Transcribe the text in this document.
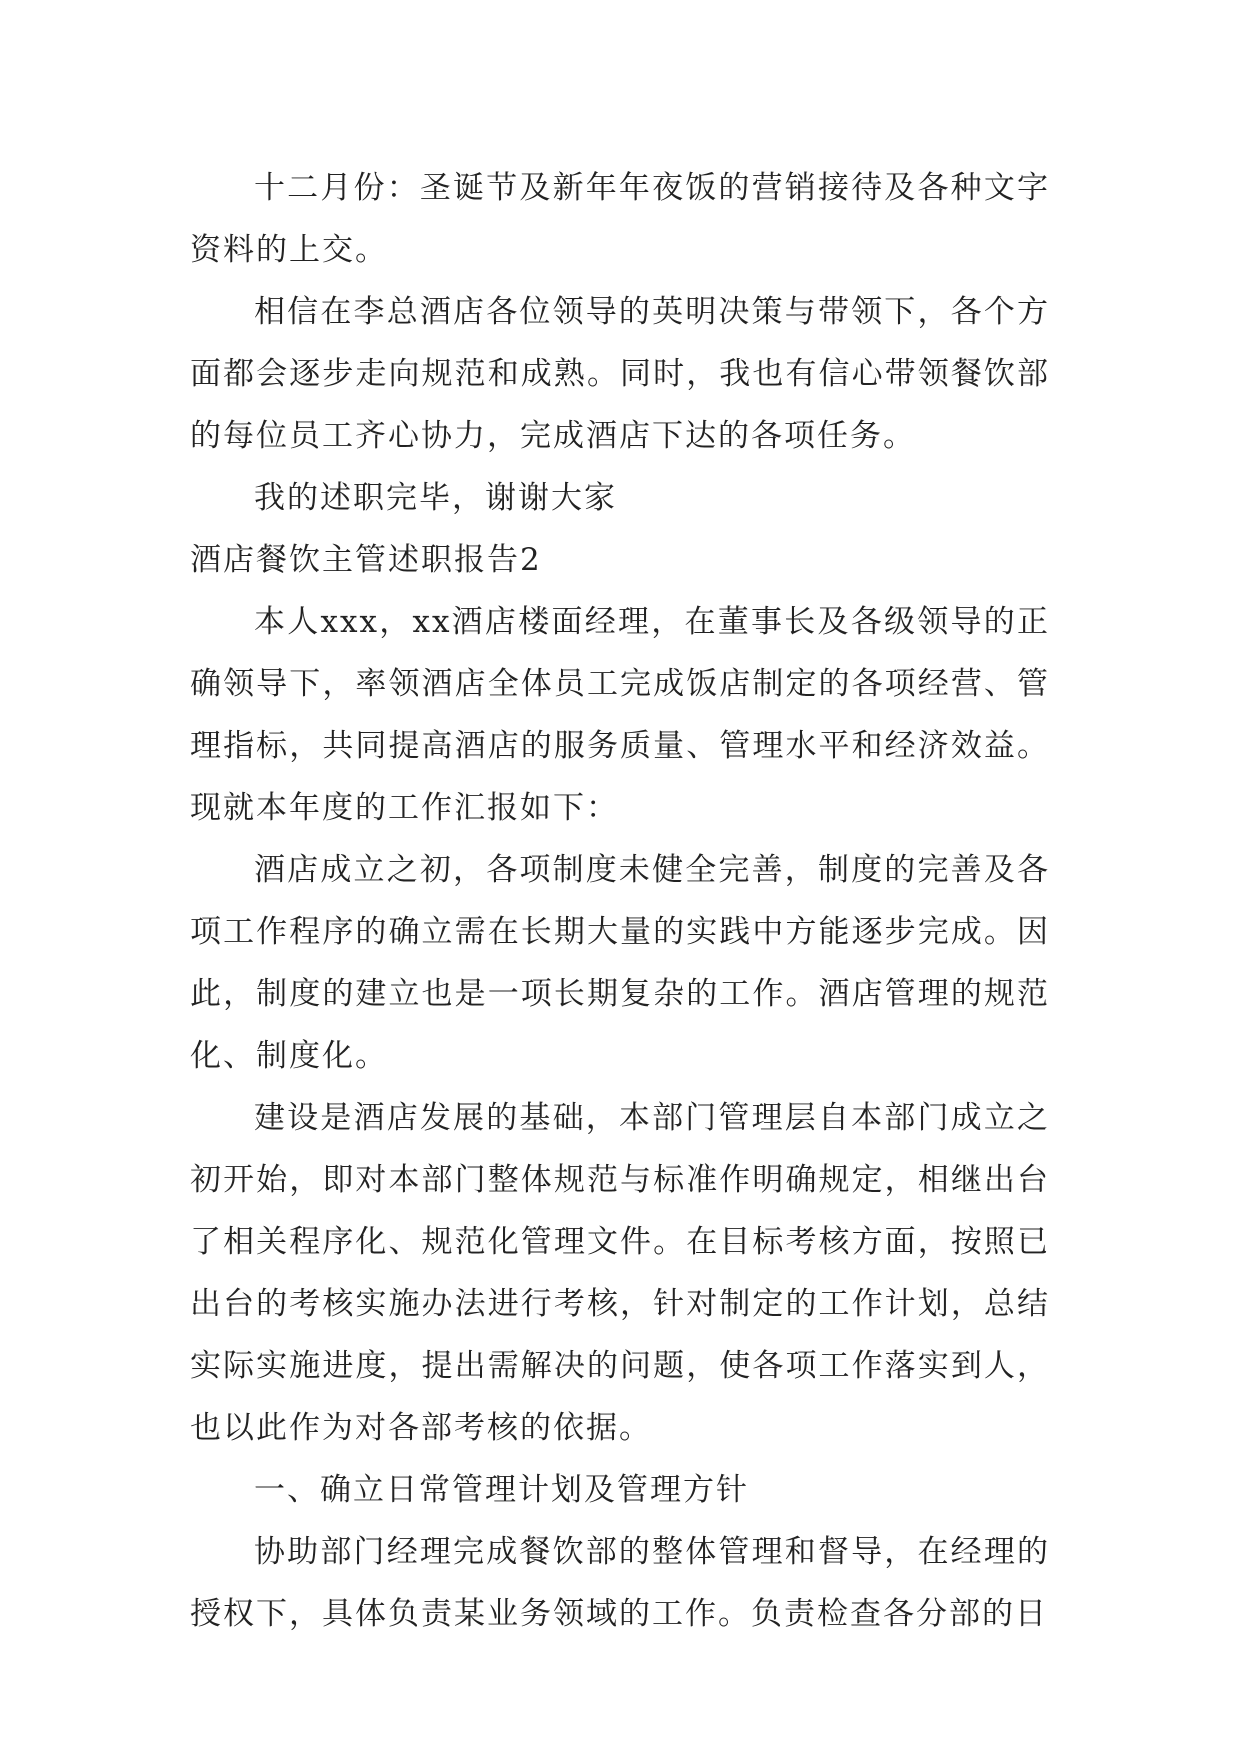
十二月份：圣诞节及新年年夜饭的营销接待及各种文字资料的上交。

相信在李总酒店各位领导的英明决策与带领下，各个方面都会逐步走向规范和成熟。同时，我也有信心带领餐饮部的每位员工齐心协力，完成酒店下达的各项任务。

我的述职完毕，谢谢大家

酒店餐饮主管述职报告2

本人xxx，xx酒店楼面经理，在董事长及各级领导的正确领导下，率领酒店全体员工完成饭店制定的各项经营、管理指标，共同提高酒店的服务质量、管理水平和经济效益。现就本年度的工作汇报如下：

酒店成立之初，各项制度未健全完善，制度的完善及各项工作程序的确立需在长期大量的实践中方能逐步完成。因此，制度的建立也是一项长期复杂的工作。酒店管理的规范化、制度化。

建设是酒店发展的基础，本部门管理层自本部门成立之初开始，即对本部门整体规范与标准作明确规定，相继出台了相关程序化、规范化管理文件。在目标考核方面，按照已出台的考核实施办法进行考核，针对制定的工作计划，总结实际实施进度，提出需解决的问题，使各项工作落实到人，也以此作为对各部考核的依据。

一、确立日常管理计划及管理方针

协助部门经理完成餐饮部的整体管理和督导，在经理的授权下，具体负责某业务领域的工作。负责检查各分部的日
